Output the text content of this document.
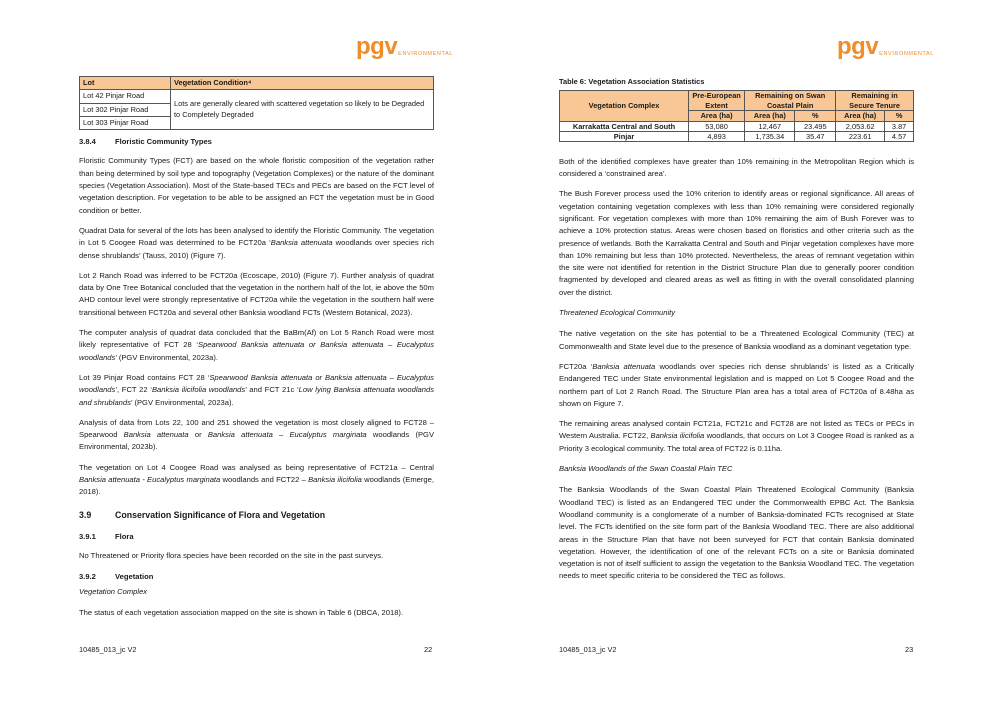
pgv ENVIRONMENTAL
Lot	Vegetation Condition⁴
Lot 42 Pinjar Road	Lots are generally cleared with scattered vegetation so likely to be Degraded to Completely Degraded
Lot 302 Pinjar Road	
Lot 303 Pinjar Road	
3.8.4	Floristic Community Types

Floristic Community Types (FCT) are based on the whole floristic composition of the vegetation rather than being determined by soil type and topography (Vegetation Complexes) or the nature of the dominant species (Vegetation Association). Most of the State-based TECs and PECs are based on the FCT level of vegetation description. For vegetation to be able to be assigned an FCT the vegetation must be in Good condition or better.

Quadrat Data for several of the lots has been analysed to identify the Floristic Community. The vegetation in Lot 5 Coogee Road was determined to be FCT20a ‘Banksia attenuata woodlands over species rich dense shrublands’ (Tauss, 2010) (Figure 7).

Lot 2 Ranch Road was inferred to be FCT20a (Ecoscape, 2010) (Figure 7). Further analysis of quadrat data by One Tree Botanical concluded that the vegetation in the northern half of the lot, ie above the 50m AHD contour level were strongly representative of FCT20a while the vegetation in the southern half were transitional between FCT20a and several other Banksia woodland FCTs (Western Botanical, 2023).

The computer analysis of quadrat data concluded that the BaBm(Af) on Lot 5 Ranch Road were most likely representative of FCT 28 ‘Spearwood Banksia attenuata or Banksia attenuata – Eucalyptus woodlands’ (PGV Environmental, 2023a).

Lot 39 Pinjar Road contains FCT 28 ‘Spearwood Banksia attenuata or Banksia attenuata – Eucalyptus woodlands’, FCT 22 ‘Banksia ilicifolia woodlands’ and FCT 21c ‘Low lying Banksia attenuata woodlands and shrublands’ (PGV Environmental, 2023a).

Analysis of data from Lots 22, 100 and 251 showed the vegetation is most closely aligned to FCT28 – Spearwood Banksia attenuata or Banksia attenuata – Eucalyptus marginata woodlands (PGV Environmental, 2023b).

The vegetation on Lot 4 Coogee Road was analysed as being representative of FCT21a – Central Banksia attenuata - Eucalyptus marginata woodlands and FCT22 – Banksia ilicifolia woodlands (Emerge, 2018).

3.9	Conservation Significance of Flora and Vegetation
3.9.1	Flora

No Threatened or Priority flora species have been recorded on the site in the past surveys.

3.9.2	Vegetation
Vegetation Complex

The status of each vegetation association mapped on the site is shown in Table 6 (DBCA, 2018).

10485_013_jc V2	22
pgv ENVIRONMENTAL
Table 6: Vegetation Association Statistics
Vegetation Complex	Pre-European Extent	Remaining on Swan Coastal Plain		Remaining in Secure Tenure	
	Area (ha)	Area (ha)	%	Area (ha)	%
Karrakatta Central and South	53,080	12,467	23.495	2,053.62	3.87
Pinjar	4,893	1,735.34	35.47	223.61	4.57

Both of the identified complexes have greater than 10% remaining in the Metropolitan Region which is considered a ‘constrained area’.

The Bush Forever process used the 10% criterion to identify areas or regional significance. All areas of vegetation containing vegetation complexes with less than 10% remaining were considered regionally significant. For vegetation complexes with more than 10% remaining the aim of Bush Forever was to achieve a 10% protection status. Areas were chosen based on floristics and other criteria such as the presence of wetlands. Both the Karrakatta Central and South and Pinjar vegetation complexes have more than 10% remaining but less than 10% protected. Nevertheless, the areas of remnant vegetation within the site were not identified for retention in the District Structure Plan due to generally poorer condition fragmented by developed and cleared areas as well as fitting in with the overall consolidated planning over the district.

Threatened Ecological Community

The native vegetation on the site has potential to be a Threatened Ecological Community (TEC) at Commonwealth and State level due to the presence of Banksia woodland as a dominant vegetation type.

FCT20a ‘Banksia attenuata woodlands over species rich dense shrublands’ is listed as a Critically Endangered TEC under State environmental legislation and is mapped on Lot 5 Coogee Road and the northern part of Lot 2 Ranch Road. The Structure Plan area has a total area of FCT20a of 8.48ha as shown on Figure 7.

The remaining areas analysed contain FCT21a, FCT21c and FCT28 are not listed as TECs or PECs in Western Australia. FCT22, Banksia ilicifolia woodlands, that occurs on Lot 3 Coogee Road is ranked as a Priority 3 ecological community. The total area of FCT22 is 0.11ha.

Banksia Woodlands of the Swan Coastal Plain TEC

The Banksia Woodlands of the Swan Coastal Plain Threatened Ecological Community (Banksia Woodland TEC) is listed as an Endangered TEC under the Commonwealth EPBC Act. The Banksia Woodland community is a conglomerate of a number of Banksia-dominated FCTs recognised at State level. The FCTs identified on the site form part of the Banksia Woodland TEC. There are also additional areas in the Structure Plan that have not been surveyed for FCT that contain Banksia dominated vegetation. However, the identification of one of the relevant FCTs on a site or Banksia dominated vegetation is not of itself sufficient to assign the vegetation to the Banksia Woodland TEC. The vegetation needs to meet specific criteria to be considered the TEC as follows.

10485_013_jc V2	23
